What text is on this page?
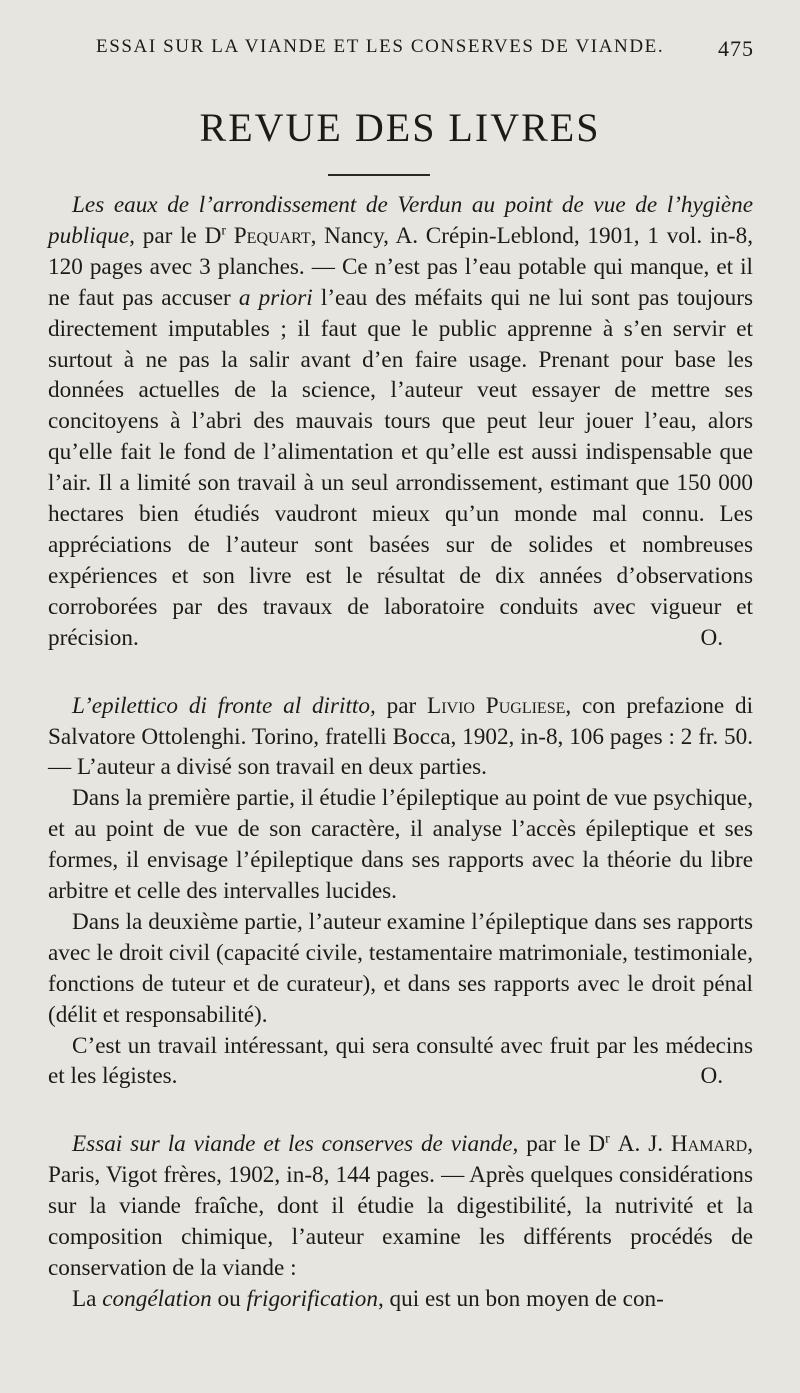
ESSAI SUR LA VIANDE ET LES CONSERVES DE VIANDE. 475
REVUE DES LIVRES

Les eaux de l’arrondissement de Verdun au point de vue de l’hygiène publique, par le $D^r$ Pequart, Nancy, A. Crépin-Leblond, 1901, 1 vol. in-8, 120 pages avec 3 planches. — Ce n’est pas l’eau potable qui manque, et il ne faut pas accuser a priori l’eau des méfaits qui ne lui sont pas toujours directement imputables ; il faut que le public apprenne à s’en servir et surtout à ne pas la salir avant d’en faire usage. Prenant pour base les données actuelles de la science, l’auteur veut essayer de mettre ses concitoyens à l’abri des mauvais tours que peut leur jouer l’eau, alors qu’elle fait le fond de l’alimentation et qu’elle est aussi indispensable que l’air. Il a limité son travail à un seul arrondissement, estimant que 150 000 hectares bien étudiés vaudront mieux qu’un monde mal connu. Les appréciations de l’auteur sont basées sur de solides et nombreuses expériences et son livre est le résultat de dix années d’observations corroborées par des travaux de laboratoire conduits avec vigueur et précision.	O.

L’epilettico di fronte al diritto, par Livio Pugliese, con prefazione di Salvatore Ottolenghi. Torino, fratelli Bocca, 1902, in-8, 106 pages : 2 fr. 50. — L’auteur a divisé son travail en deux parties.

Dans la première partie, il étudie l’épileptique au point de vue psychique, et au point de vue de son caractère, il analyse l’accès épileptique et ses formes, il envisage l’épileptique dans ses rapports avec la théorie du libre arbitre et celle des intervalles lucides.

Dans la deuxième partie, l’auteur examine l’épileptique dans ses rapports avec le droit civil (capacité civile, testamentaire matrimoniale, testimoniale, fonctions de tuteur et de curateur), et dans ses rapports avec le droit pénal (délit et responsabilité).

C’est un travail intéressant, qui sera consulté avec fruit par les médecins et les légistes.	O.

Essai sur la viande et les conserves de viande, par le $D^r$ A. J. Hamard, Paris, Vigot frères, 1902, in-8, 144 pages. — Après quelques considérations sur la viande fraîche, dont il étudie la digestibilité, la nutrivité et la composition chimique, l’auteur examine les différents procédés de conservation de la viande :

La congélation ou frigorification, qui est un bon moyen de con-
